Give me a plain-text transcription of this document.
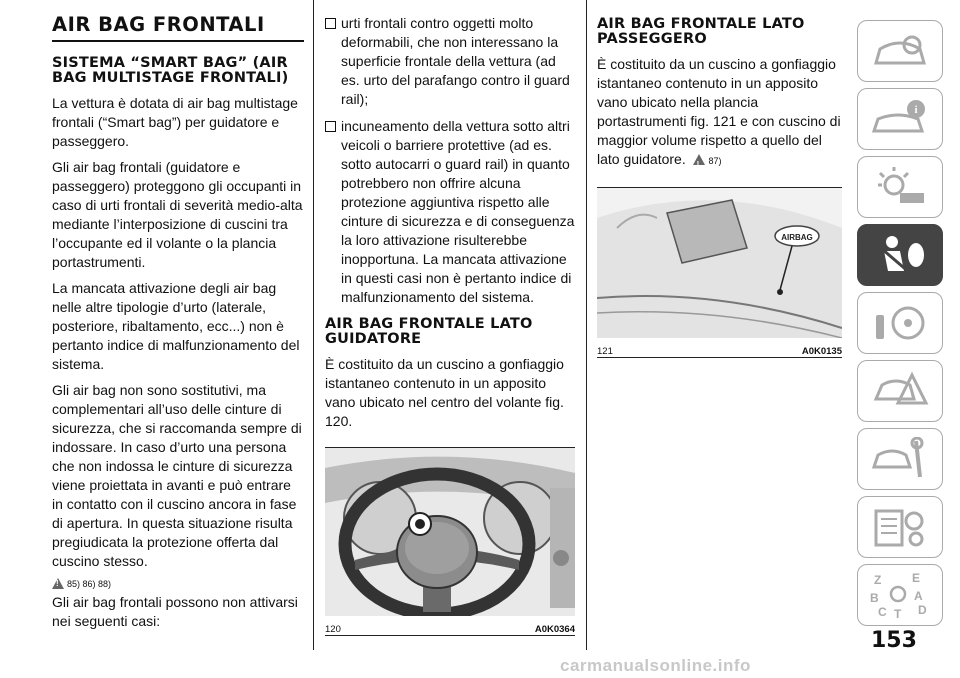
AIR BAG FRONTALI
SISTEMA “SMART BAG” (AIR BAG MULTISTAGE FRONTALI)

La vettura è dotata di air bag multistage frontali (“Smart bag”) per guidatore e passeggero.

Gli air bag frontali (guidatore e passeggero) proteggono gli occupanti in caso di urti frontali di severità medio-alta mediante l’interposizione di cuscini tra l’occupante ed il volante o la plancia portastrumenti.

La mancata attivazione degli air bag nelle altre tipologie d’urto (laterale, posteriore, ribaltamento, ecc...) non è pertanto indice di malfunzionamento del sistema.

Gli air bag non sono sostitutivi, ma complementari all’uso delle cinture di sicurezza, che si raccomanda sempre di indossare. In caso d’urto una persona che non indossa le cinture di sicurezza viene proiettata in avanti e può entrare in contatto con il cuscino ancora in fase di apertura. In questa situazione risulta pregiudicata la protezione offerta dal cuscino stesso.

!
85) 86) 88)

Gli air bag frontali possono non attivarsi nei seguenti casi:

urti frontali contro oggetti molto deformabili, che non interessano la superficie frontale della vettura (ad es. urto del parafango contro il guard rail);
incuneamento della vettura sotto altri veicoli o barriere protettive (ad es. sotto autocarri o guard rail) in quanto potrebbero non offrire alcuna protezione aggiuntiva rispetto alle cinture di sicurezza e di conseguenza la loro attivazione risulterebbe inopportuna. La mancata attivazione in questi casi non è pertanto indice di malfunzionamento del sistema.
AIR BAG FRONTALE LATO GUIDATORE

È costituito da un cuscino a gonfiaggio istantaneo contenuto in un apposito vano ubicato nel centro del volante fig. 120.

120	A0K0364
AIR BAG FRONTALE LATO PASSEGGERO

È costituito da un cuscino a gonfiaggio istantaneo contenuto in un apposito vano ubicato nella plancia portastrumenti fig. 121 e con cuscino di maggior volume rispetto a quello del lato guidatore. !	87)

AIRBAG
121	A0K0135
i
!
Z	E
B	A
C T D
153
carmanualsonline.info
